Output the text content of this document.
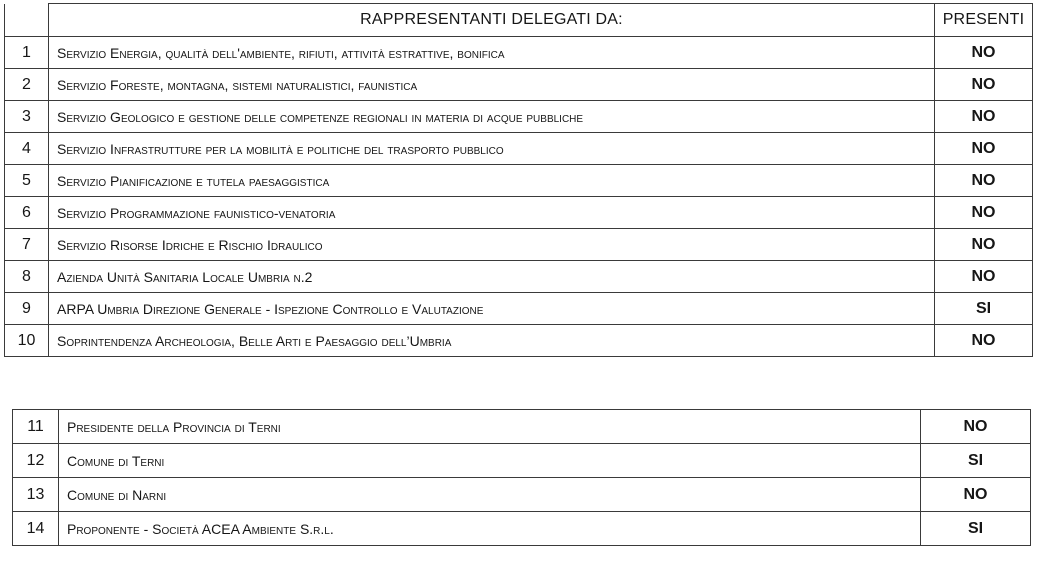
	RAPPRESENTANTI DELEGATI DA:	PRESENTI
1	Servizio Energia, qualità dell'ambiente, rifiuti, attività estrattive, bonifica	NO
2	Servizio Foreste, montagna, sistemi naturalistici, faunistica	NO
3	Servizio Geologico e gestione delle competenze regionali in materia di acque pubbliche	NO
4	Servizio Infrastrutture per la mobilità e politiche del trasporto pubblico	NO
5	Servizio Pianificazione e tutela paesaggistica	NO
6	Servizio Programmazione faunistico-venatoria	NO
7	Servizio Risorse Idriche e Rischio Idraulico	NO
8	Azienda Unità Sanitaria Locale Umbria n.2	NO
9	ARPA Umbria Direzione Generale - Ispezione Controllo e Valutazione	SI
10	Soprintendenza Archeologia, Belle Arti e Paesaggio dell’Umbria	NO
11	Presidente della Provincia di Terni	NO
12	Comune di Terni	SI
13	Comune di Narni	NO
14	Proponente - Società ACEA Ambiente S.r.l.	SI
